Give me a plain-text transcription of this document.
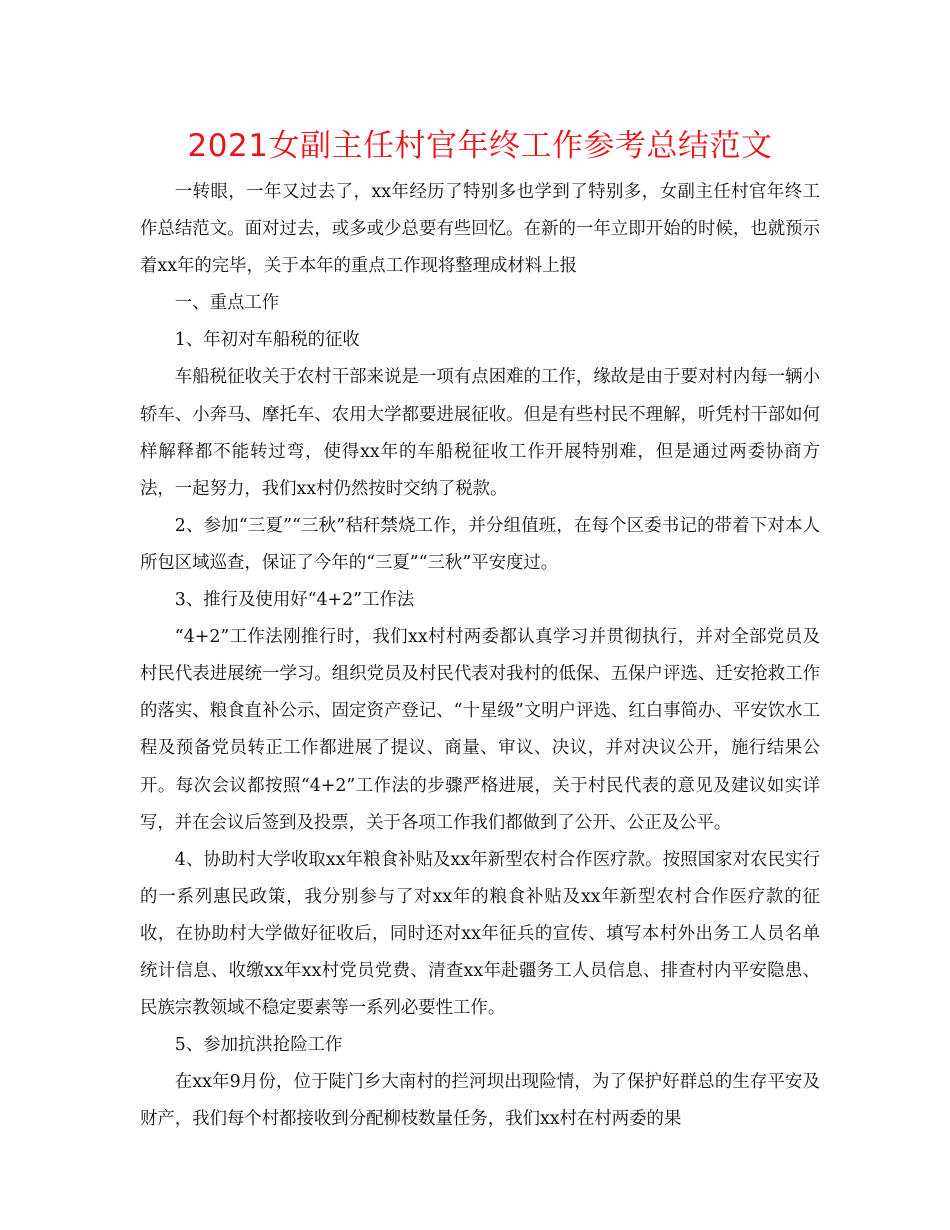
2021女副主任村官年终工作参考总结范文

一转眼，一年又过去了，xx年经历了特别多也学到了特别多，女副主任村官年终工作总结范文。面对过去，或多或少总要有些回忆。在新的一年立即开始的时候，也就预示着xx年的完毕，关于本年的重点工作现将整理成材料上报

一、重点工作

1、年初对车船税的征收

车船税征收关于农村干部来说是一项有点困难的工作，缘故是由于要对村内每一辆小轿车、小奔马、摩托车、农用大学都要进展征收。但是有些村民不理解，听凭村干部如何样解释都不能转过弯，使得xx年的车船税征收工作开展特别难，但是通过两委协商方法，一起努力，我们xx村仍然按时交纳了税款。

2、参加“三夏”“三秋”秸秆禁烧工作，并分组值班，在每个区委书记的带着下对本人所包区域巡查，保证了今年的“三夏”“三秋”平安度过。

3、推行及使用好“4+2”工作法

“4+2”工作法刚推行时，我们xx村村两委都认真学习并贯彻执行，并对全部党员及村民代表进展统一学习。组织党员及村民代表对我村的低保、五保户评选、迁安抢救工作的落实、粮食直补公示、固定资产登记、“十星级”文明户评选、红白事简办、平安饮水工程及预备党员转正工作都进展了提议、商量、审议、决议，并对决议公开，施行结果公开。每次会议都按照“4+2”工作法的步骤严格进展，关于村民代表的意见及建议如实详写，并在会议后签到及投票，关于各项工作我们都做到了公开、公正及公平。

4、协助村大学收取xx年粮食补贴及xx年新型农村合作医疗款。按照国家对农民实行的一系列惠民政策，我分别参与了对xx年的粮食补贴及xx年新型农村合作医疗款的征收，在协助村大学做好征收后，同时还对xx年征兵的宣传、填写本村外出务工人员名单统计信息、收缴xx年xx村党员党费、清查xx年赴疆务工人员信息、排查村内平安隐患、民族宗教领域不稳定要素等一系列必要性工作。

5、参加抗洪抢险工作

在xx年9月份，位于陡门乡大南村的拦河坝出现险情，为了保护好群总的生存平安及财产，我们每个村都接收到分配柳枝数量任务，我们xx村在村两委的果
